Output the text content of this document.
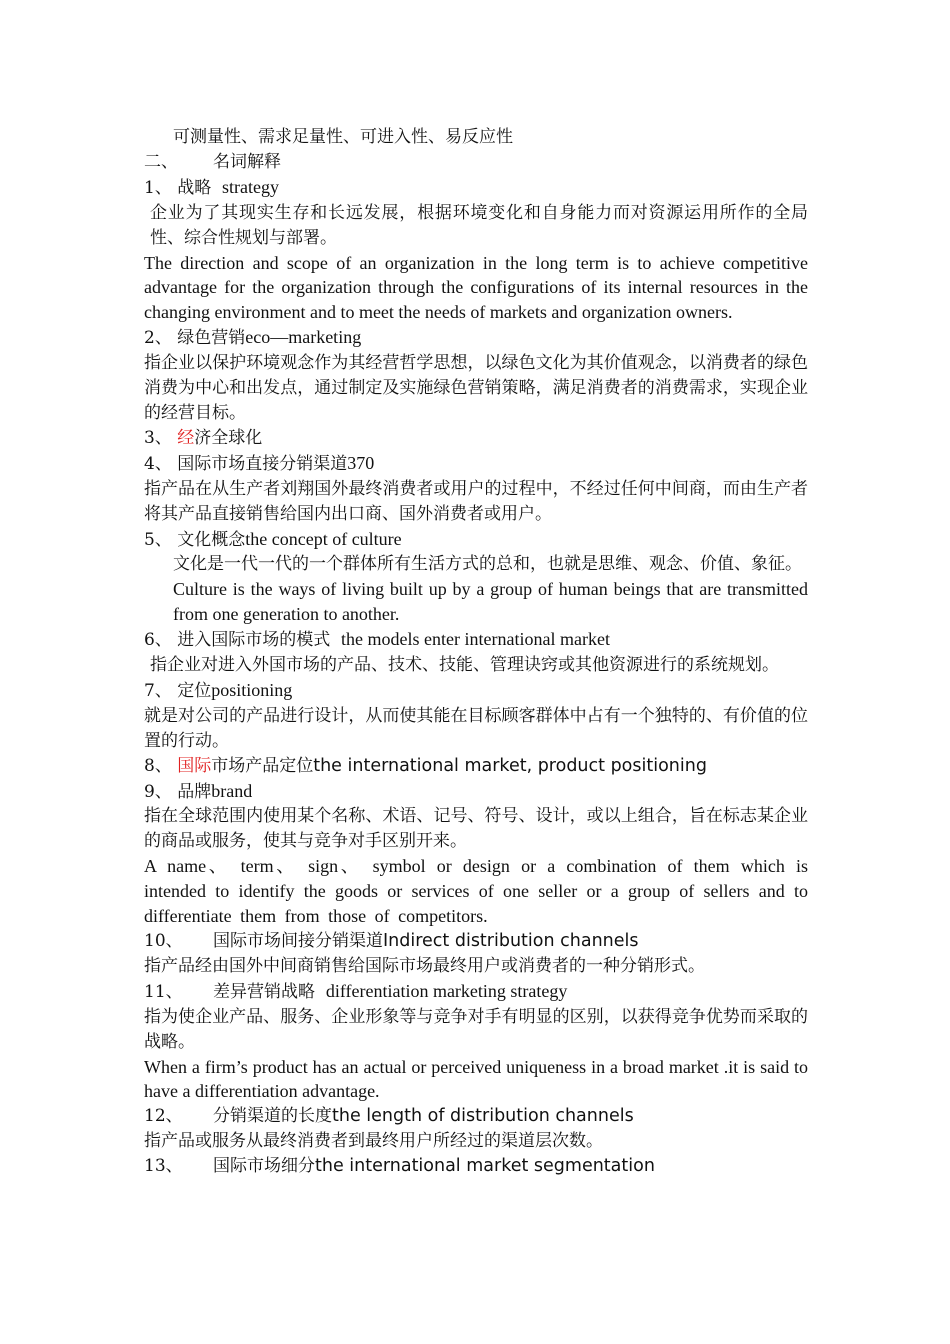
可测量性、需求足量性、可进入性、易反应性

二、 名词解释

1、 战略 strategy

企业为了其现实生存和长远发展，根据环境变化和自身能力而对资源运用所作的全局性、综合性规划与部署。

The direction and scope of an organization in the long term is to achieve competitive advantage for the organization through the configurations of its internal resources in the changing environment and to meet the needs of markets and organization owners.

2、 绿色营销eco—marketing

指企业以保护环境观念作为其经营哲学思想，以绿色文化为其价值观念，以消费者的绿色消费为中心和出发点，通过制定及实施绿色营销策略，满足消费者的消费需求，实现企业的经营目标。

3、 经济全球化

4、 国际市场直接分销渠道370

指产品在从生产者刘翔国外最终消费者或用户的过程中，不经过任何中间商，而由生产者将其产品直接销售给国内出口商、国外消费者或用户。

5、 文化概念the concept of culture

文化是一代一代的一个群体所有生活方式的总和，也就是思维、观念、价值、象征。

Culture is the ways of living built up by a group of human beings that are transmitted from one generation to another.

6、 进入国际市场的模式 the models enter international market

指企业对进入外国市场的产品、技术、技能、管理诀窍或其他资源进行的系统规划。

7、 定位positioning

就是对公司的产品进行设计，从而使其能在目标顾客群体中占有一个独特的、有价值的位置的行动。

8、 国际市场产品定位the international market, product positioning

9、 品牌brand

指在全球范围内使用某个名称、术语、记号、符号、设计，或以上组合，旨在标志某企业的商品或服务，使其与竞争对手区别开来。

A name、 term、 sign、 symbol or design or a combination of them which is intended to identify the goods or services of one seller or a group of sellers and to differentiate them from those of competitors.

10、 国际市场间接分销渠道Indirect distribution channels

指产品经由国外中间商销售给国际市场最终用户或消费者的一种分销形式。

11、 差异营销战略 differentiation marketing strategy

指为使企业产品、服务、企业形象等与竞争对手有明显的区别，以获得竞争优势而采取的战略。

When a firm’s product has an actual or perceived uniqueness in a broad market .it is said to have a differentiation advantage.

12、 分销渠道的长度the length of distribution channels

指产品或服务从最终消费者到最终用户所经过的渠道层次数。

13、 国际市场细分the international market segmentation
